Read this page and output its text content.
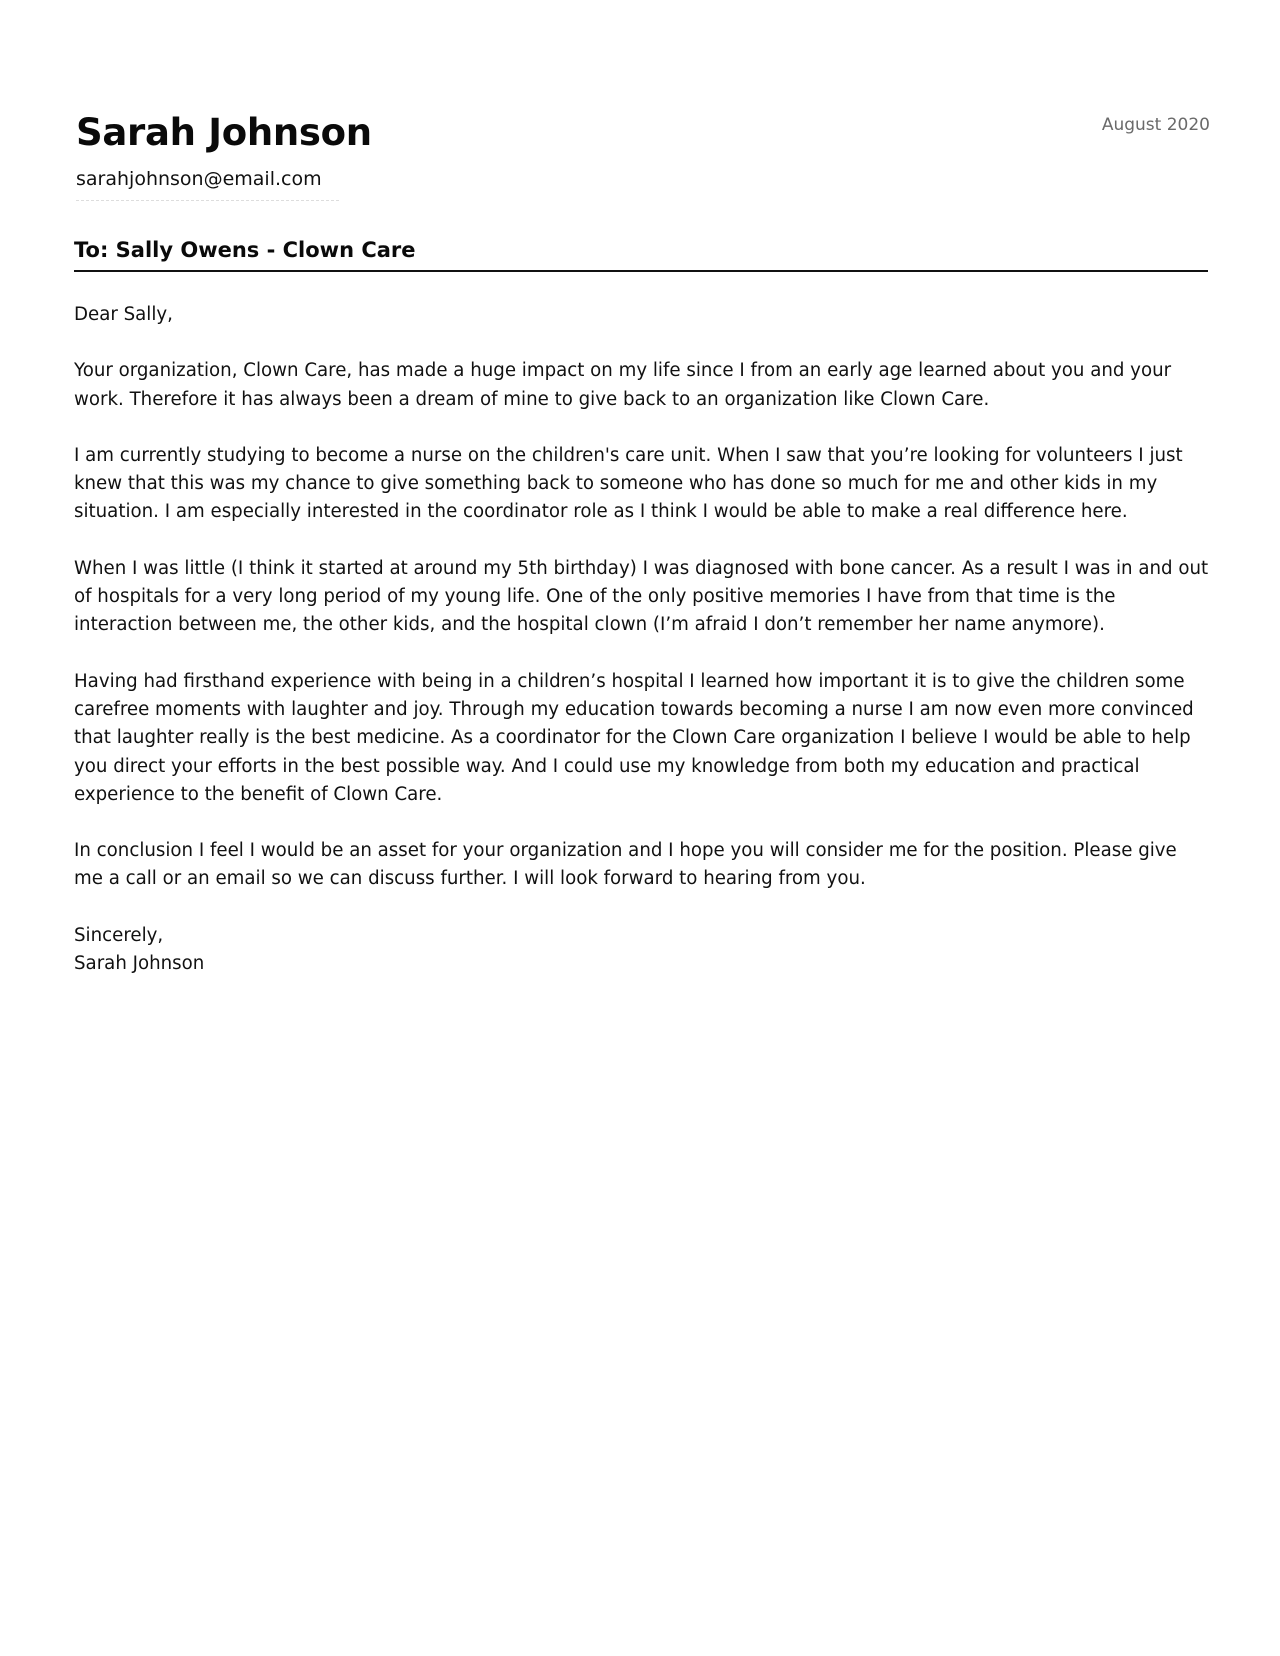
Sarah Johnson
sarahjohnson@email.com
August 2020
To: Sally Owens - Clown Care

Dear Sally,

Your organization, Clown Care, has made a huge impact on my life since I from an early age learned about you and your work. Therefore it has always been a dream of mine to give back to an organization like Clown Care.

I am currently studying to become a nurse on the children's care unit. When I saw that you’re looking for volunteers I just knew that this was my chance to give something back to someone who has done so much for me and other kids in my situation. I am especially interested in the coordinator role as I think I would be able to make a real difference here.

When I was little (I think it started at around my 5th birthday) I was diagnosed with bone cancer. As a result I was in and out of hospitals for a very long period of my young life. One of the only positive memories I have from that time is the interaction between me, the other kids, and the hospital clown (I’m afraid I don’t remember her name anymore).

Having had firsthand experience with being in a children’s hospital I learned how important it is to give the children some carefree moments with laughter and joy. Through my education towards becoming a nurse I am now even more convinced that laughter really is the best medicine. As a coordinator for the Clown Care organization I believe I would be able to help you direct your efforts in the best possible way. And I could use my knowledge from both my education and practical experience to the benefit of Clown Care.

In conclusion I feel I would be an asset for your organization and I hope you will consider me for the position. Please give me a call or an email so we can discuss further. I will look forward to hearing from you.

Sincerely,
Sarah Johnson
